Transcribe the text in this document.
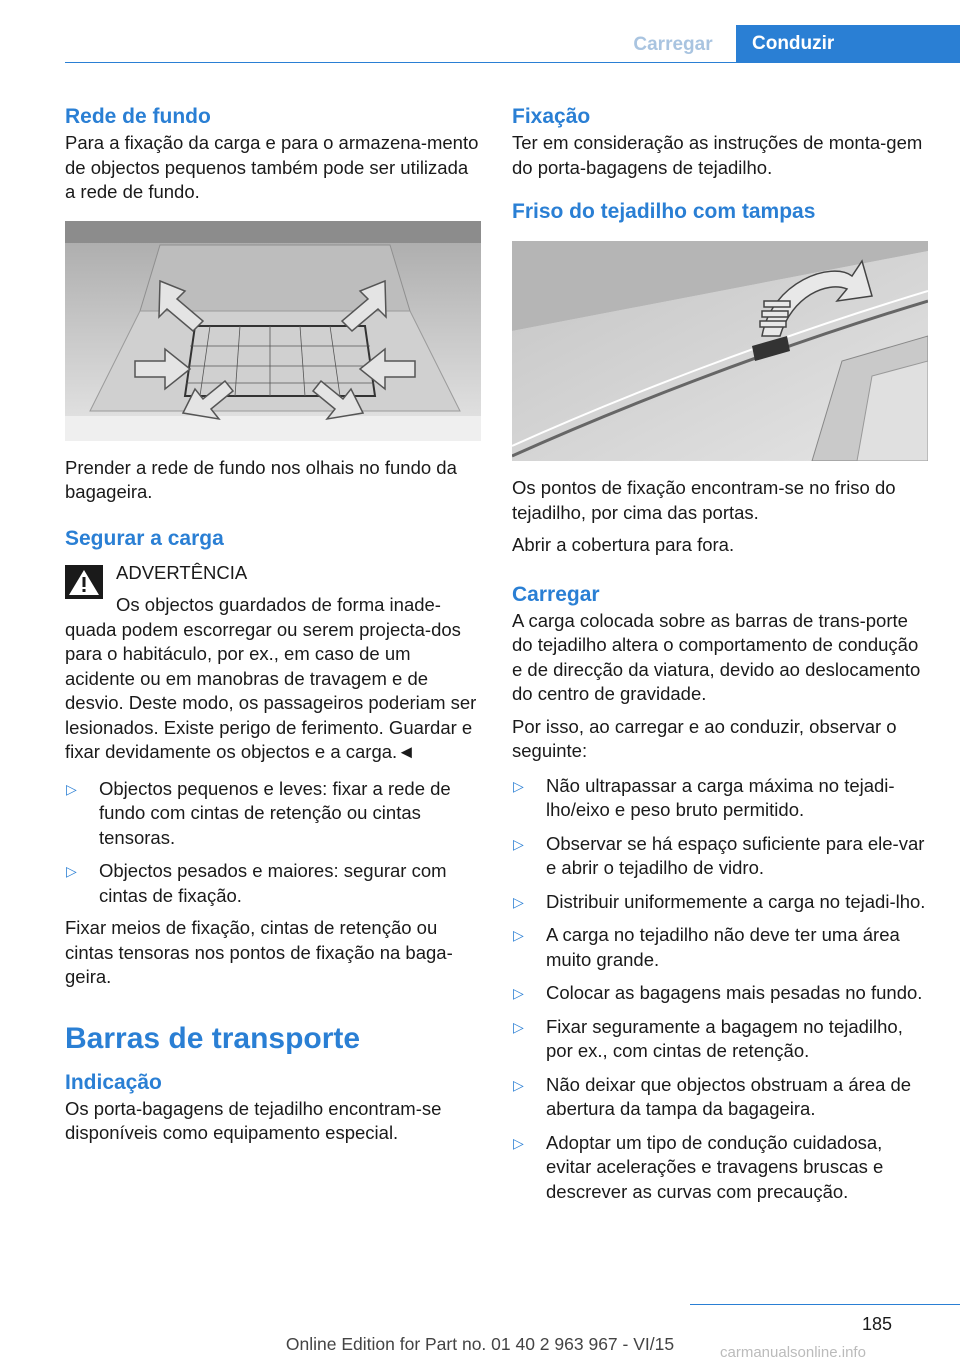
Carregar	Conduzir
Rede de fundo

Para a fixação da carga e para o armazena-mento de objectos pequenos também pode ser utilizada a rede de fundo.

Prender a rede de fundo nos olhais no fundo da bagageira.

Segurar a carga

ADVERTÊNCIA

Os objectos guardados de forma inade-quada podem escorregar ou serem projecta-dos para o habitáculo, por ex., em caso de um acidente ou em manobras de travagem e de desvio. Deste modo, os passageiros poderiam ser lesionados. Existe perigo de ferimento. Guardar e fixar devidamente os objectos e a carga.◄

▷ Objectos pequenos e leves: fixar a rede de fundo com cintas de retenção ou cintas tensoras.
▷ Objectos pesados e maiores: segurar com cintas de fixação.

Fixar meios de fixação, cintas de retenção ou cintas tensoras nos pontos de fixação na baga-geira.

Barras de transporte
Indicação

Os porta-bagagens de tejadilho encontram-se disponíveis como equipamento especial.

Fixação

Ter em consideração as instruções de monta-gem do porta-bagagens de tejadilho.

Friso do tejadilho com tampas

Os pontos de fixação encontram-se no friso do tejadilho, por cima das portas.

Abrir a cobertura para fora.

Carregar

A carga colocada sobre as barras de trans-porte do tejadilho altera o comportamento de condução e de direcção da viatura, devido ao deslocamento do centro de gravidade.

Por isso, ao carregar e ao conduzir, observar o seguinte:

▷ Não ultrapassar a carga máxima no tejadi-lho/eixo e peso bruto permitido.
▷ Observar se há espaço suficiente para ele-var e abrir o tejadilho de vidro.
▷ Distribuir uniformemente a carga no tejadi-lho.
▷ A carga no tejadilho não deve ter uma área muito grande.
▷ Colocar as bagagens mais pesadas no fundo.
▷ Fixar seguramente a bagagem no tejadilho, por ex., com cintas de retenção.
▷ Não deixar que objectos obstruam a área de abertura da tampa da bagageira.
▷ Adoptar um tipo de condução cuidadosa, evitar acelerações e travagens bruscas e descrever as curvas com precaução.
185
Online Edition for Part no. 01 40 2 963 967 - VI/15	carmanualsonline.info
